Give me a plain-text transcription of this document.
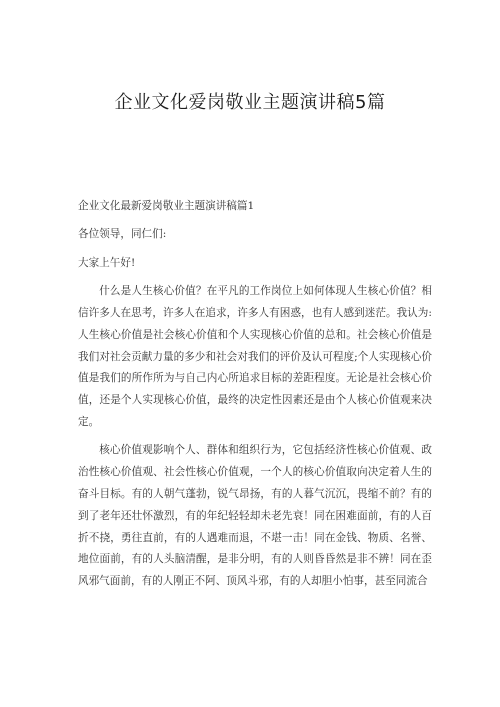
企业文化爱岗敬业主题演讲稿5篇

企业文化最新爱岗敬业主题演讲稿篇1

各位领导，同仁们:

大家上午好!

什么是人生核心价值？在平凡的工作岗位上如何体现人生核心价值？相信许多人在思考，许多人在追求，许多人有困惑，也有人感到迷茫。我认为:人生核心价值是社会核心价值和个人实现核心价值的总和。社会核心价值是我们对社会贡献力量的多少和社会对我们的评价及认可程度;个人实现核心价值是我们的所作所为与自己内心所追求目标的差距程度。无论是社会核心价值，还是个人实现核心价值，最终的决定性因素还是由个人核心价值观来决定。

核心价值观影响个人、群体和组织行为，它包括经济性核心价值观、政治性核心价值观、社会性核心价值观，一个人的核心价值取向决定着人生的奋斗目标。有的人朝气蓬勃，锐气昂扬，有的人暮气沉沉，畏缩不前？有的到了老年还壮怀激烈，有的年纪轻轻却未老先衰！同在困难面前，有的人百折不挠，勇往直前，有的人遇难而退，不堪一击！同在金钱、物质、名誉、地位面前，有的人头脑清醒，是非分明，有的人则昏昏然是非不辨！同在歪风邪气面前，有的人刚正不阿、顶风斗邪，有的人却胆小怕事，甚至同流合
